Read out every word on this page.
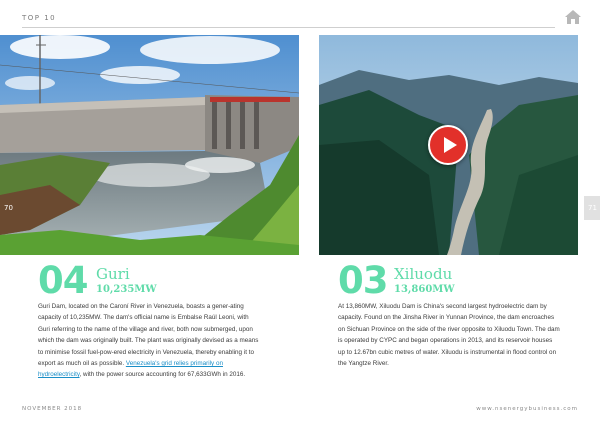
TOP 10
70	71
04 Guri
10,235MW
Guri Dam, located on the Caroní River in Venezuela, boasts a gener-ating capacity of 10,235MW. The dam's official name is Embalse Raúl Leoni, with Guri referring to the name of the village and river, both now submerged, upon which the dam was originally built. The plant was originally devised as a means to minimise fossil fuel-pow-ered electricity in Venezuela, thereby enabling it to export as much oil as possible. Venezuela's grid relies primarily on hydroelectricity, with the power source accounting for 67,633GWh in 2016.
03 Xiluodu
13,860MW
At 13,860MW, Xiluodu Dam is China's second largest hydroelectric dam by capacity. Found on the Jinsha River in Yunnan Province, the dam encroaches on Sichuan Province on the side of the river opposite to Xiluodu Town. The dam is operated by CYPC and began operations in 2013, and its reservoir houses up to 12.67bn cubic metres of water. Xiluodu is instrumental in flood control on the Yangtze River.
NOVEMBER 2018	www.nsenergybusiness.com
